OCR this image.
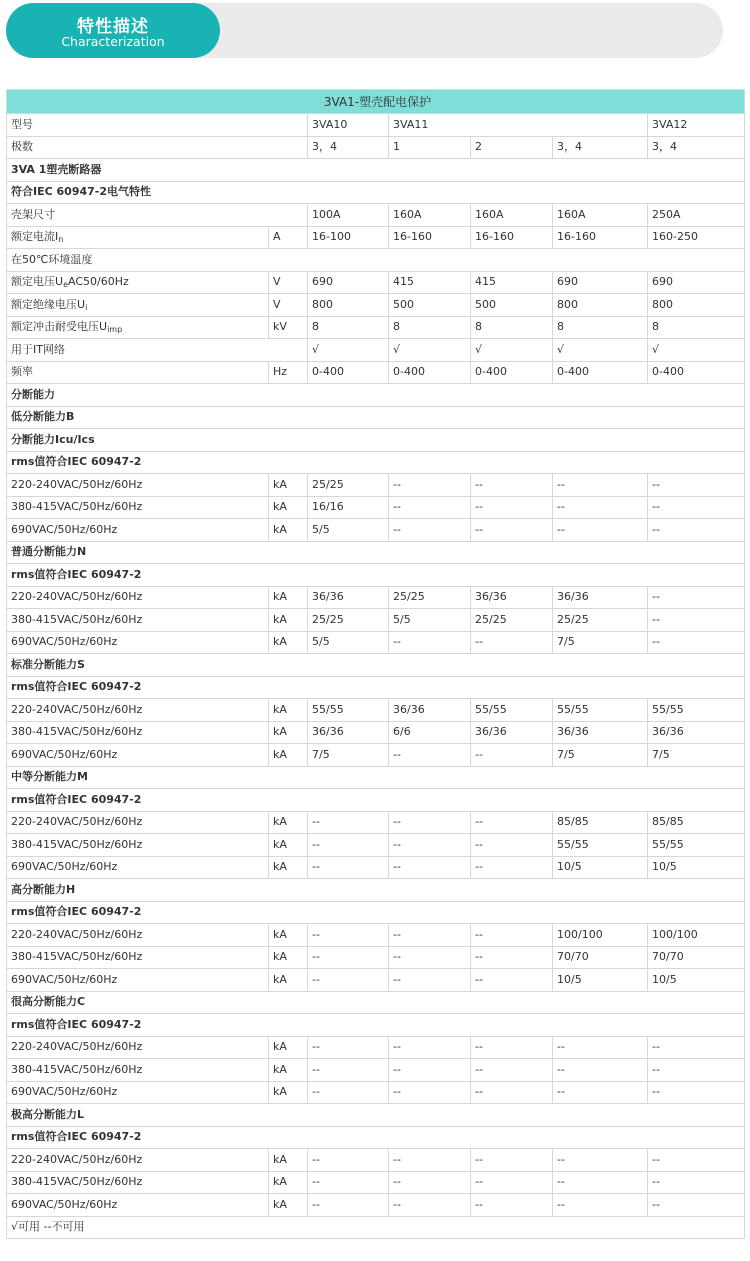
特性描述
Characterization
3VA1-塑壳配电保护						
型号		3VA10	3VA11			3VA12
极数		3，4	1	2	3，4	3，4
3VA 1塑壳断路器						
符合IEC 60947-2电气特性						
壳架尺寸		100A	160A	160A	160A	250A
额定电流$I_n$	A	16-100	16-160	16-160	16-160	160-250
在50℃环境温度						
额定电压$U_eAC50/60Hz$	V	690	415	415	690	690
额定绝缘电压$U_i$	V	800	500	500	800	800
额定冲击耐受电压$U_{imp}$	kV	8	8	8	8	8
用于IT网络		√	√	√	√	√
频率	Hz	0-400	0-400	0-400	0-400	0-400
分断能力						
低分断能力B						
分断能力Icu/Ics						
rms值符合IEC 60947-2						
220-240VAC/50Hz/60Hz	kA	25/25	--	--	--	--
380-415VAC/50Hz/60Hz	kA	16/16	--	--	--	--
690VAC/50Hz/60Hz	kA	5/5	--	--	--	--
普通分断能力N						
rms值符合IEC 60947-2						
220-240VAC/50Hz/60Hz	kA	36/36	25/25	36/36	36/36	--
380-415VAC/50Hz/60Hz	kA	25/25	5/5	25/25	25/25	--
690VAC/50Hz/60Hz	kA	5/5	--	--	7/5	--
标准分断能力S						
rms值符合IEC 60947-2						
220-240VAC/50Hz/60Hz	kA	55/55	36/36	55/55	55/55	55/55
380-415VAC/50Hz/60Hz	kA	36/36	6/6	36/36	36/36	36/36
690VAC/50Hz/60Hz	kA	7/5	--	--	7/5	7/5
中等分断能力M						
rms值符合IEC 60947-2						
220-240VAC/50Hz/60Hz	kA	--	--	--	85/85	85/85
380-415VAC/50Hz/60Hz	kA	--	--	--	55/55	55/55
690VAC/50Hz/60Hz	kA	--	--	--	10/5	10/5
高分断能力H						
rms值符合IEC 60947-2						
220-240VAC/50Hz/60Hz	kA	--	--	--	100/100	100/100
380-415VAC/50Hz/60Hz	kA	--	--	--	70/70	70/70
690VAC/50Hz/60Hz	kA	--	--	--	10/5	10/5
很高分断能力C						
rms值符合IEC 60947-2						
220-240VAC/50Hz/60Hz	kA	--	--	--	--	--
380-415VAC/50Hz/60Hz	kA	--	--	--	--	--
690VAC/50Hz/60Hz	kA	--	--	--	--	--
极高分断能力L						
rms值符合IEC 60947-2						
220-240VAC/50Hz/60Hz	kA	--	--	--	--	--
380-415VAC/50Hz/60Hz	kA	--	--	--	--	--
690VAC/50Hz/60Hz	kA	--	--	--	--	--
√可用 --不可用						
